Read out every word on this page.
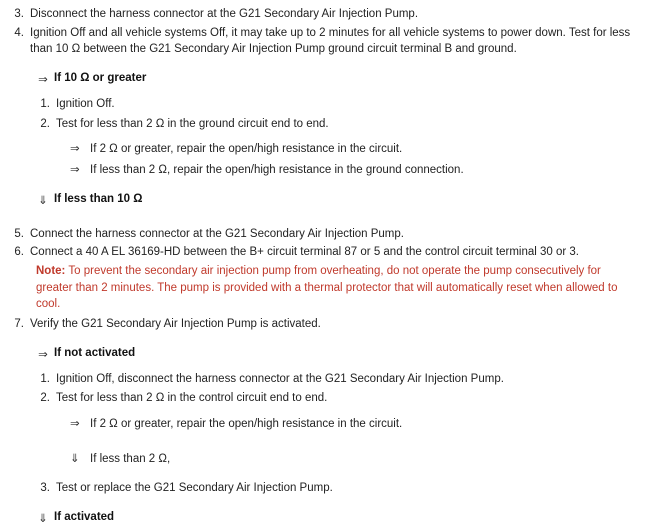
3. Disconnect the harness connector at the G21 Secondary Air Injection Pump.
4. Ignition Off and all vehicle systems Off, it may take up to 2 minutes for all vehicle systems to power down. Test for less than 10 Ω between the G21 Secondary Air Injection Pump ground circuit terminal B and ground.
⇒ If 10 Ω or greater
1. Ignition Off.
2. Test for less than 2 Ω in the ground circuit end to end.
⇒ If 2 Ω or greater, repair the open/high resistance in the circuit.
⇒ If less than 2 Ω, repair the open/high resistance in the ground connection.
⇓ If less than 10 Ω
5. Connect the harness connector at the G21 Secondary Air Injection Pump.
6. Connect a 40 A EL 36169-HD between the B+ circuit terminal 87 or 5 and the control circuit terminal 30 or 3.
Note: To prevent the secondary air injection pump from overheating, do not operate the pump consecutively for greater than 2 minutes. The pump is provided with a thermal protector that will automatically reset when allowed to cool.
7. Verify the G21 Secondary Air Injection Pump is activated.
⇒ If not activated
1. Ignition Off, disconnect the harness connector at the G21 Secondary Air Injection Pump.
2. Test for less than 2 Ω in the control circuit end to end.
⇒ If 2 Ω or greater, repair the open/high resistance in the circuit.
⇓ If less than 2 Ω,
3. Test or replace the G21 Secondary Air Injection Pump.
⇓ If activated
